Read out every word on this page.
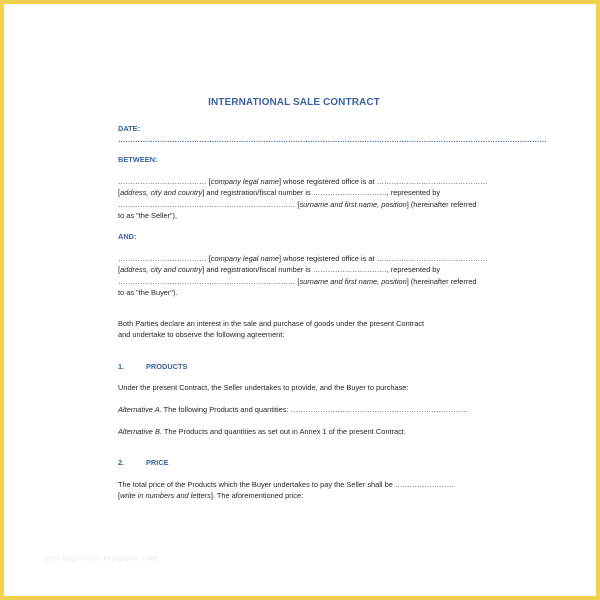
INTERNATIONAL SALE CONTRACT
DATE: …………………………………………………………………………………………………………………………………………………………
BETWEEN:
……………………………… [company legal name] whose registered office is at ………………………………………
[address, city and country] and registration/fiscal number is …………………………, represented by
……………………………………………………………… [surname and first name, position] (hereinafter referred
to as "the Seller"),
AND:
……………………………… [company legal name] whose registered office is at ………………………………………
[address, city and country] and registration/fiscal number is …………………………, represented by
……………………………………………………………… [surname and first name, position] (hereinafter referred
to as "the Buyer").
Both Parties declare an interest in the sale and purchase of goods under the present Contract
and undertake to observe the following agreement:
1.	PRODUCTS
Under the present Contract, the Seller undertakes to provide, and the Buyer to purchase:
Alternative A. The following Products and quantities: ………………………………………………………………
Alternative B. The Products and quantities as set out in Annex 1 of the present Contract.
2.	PRICE
The total price of the Products which the Buyer undertakes to pay the Seller shall be ……………………
[write in numbers and letters]. The aforementioned price:
free-legalform-template.com
